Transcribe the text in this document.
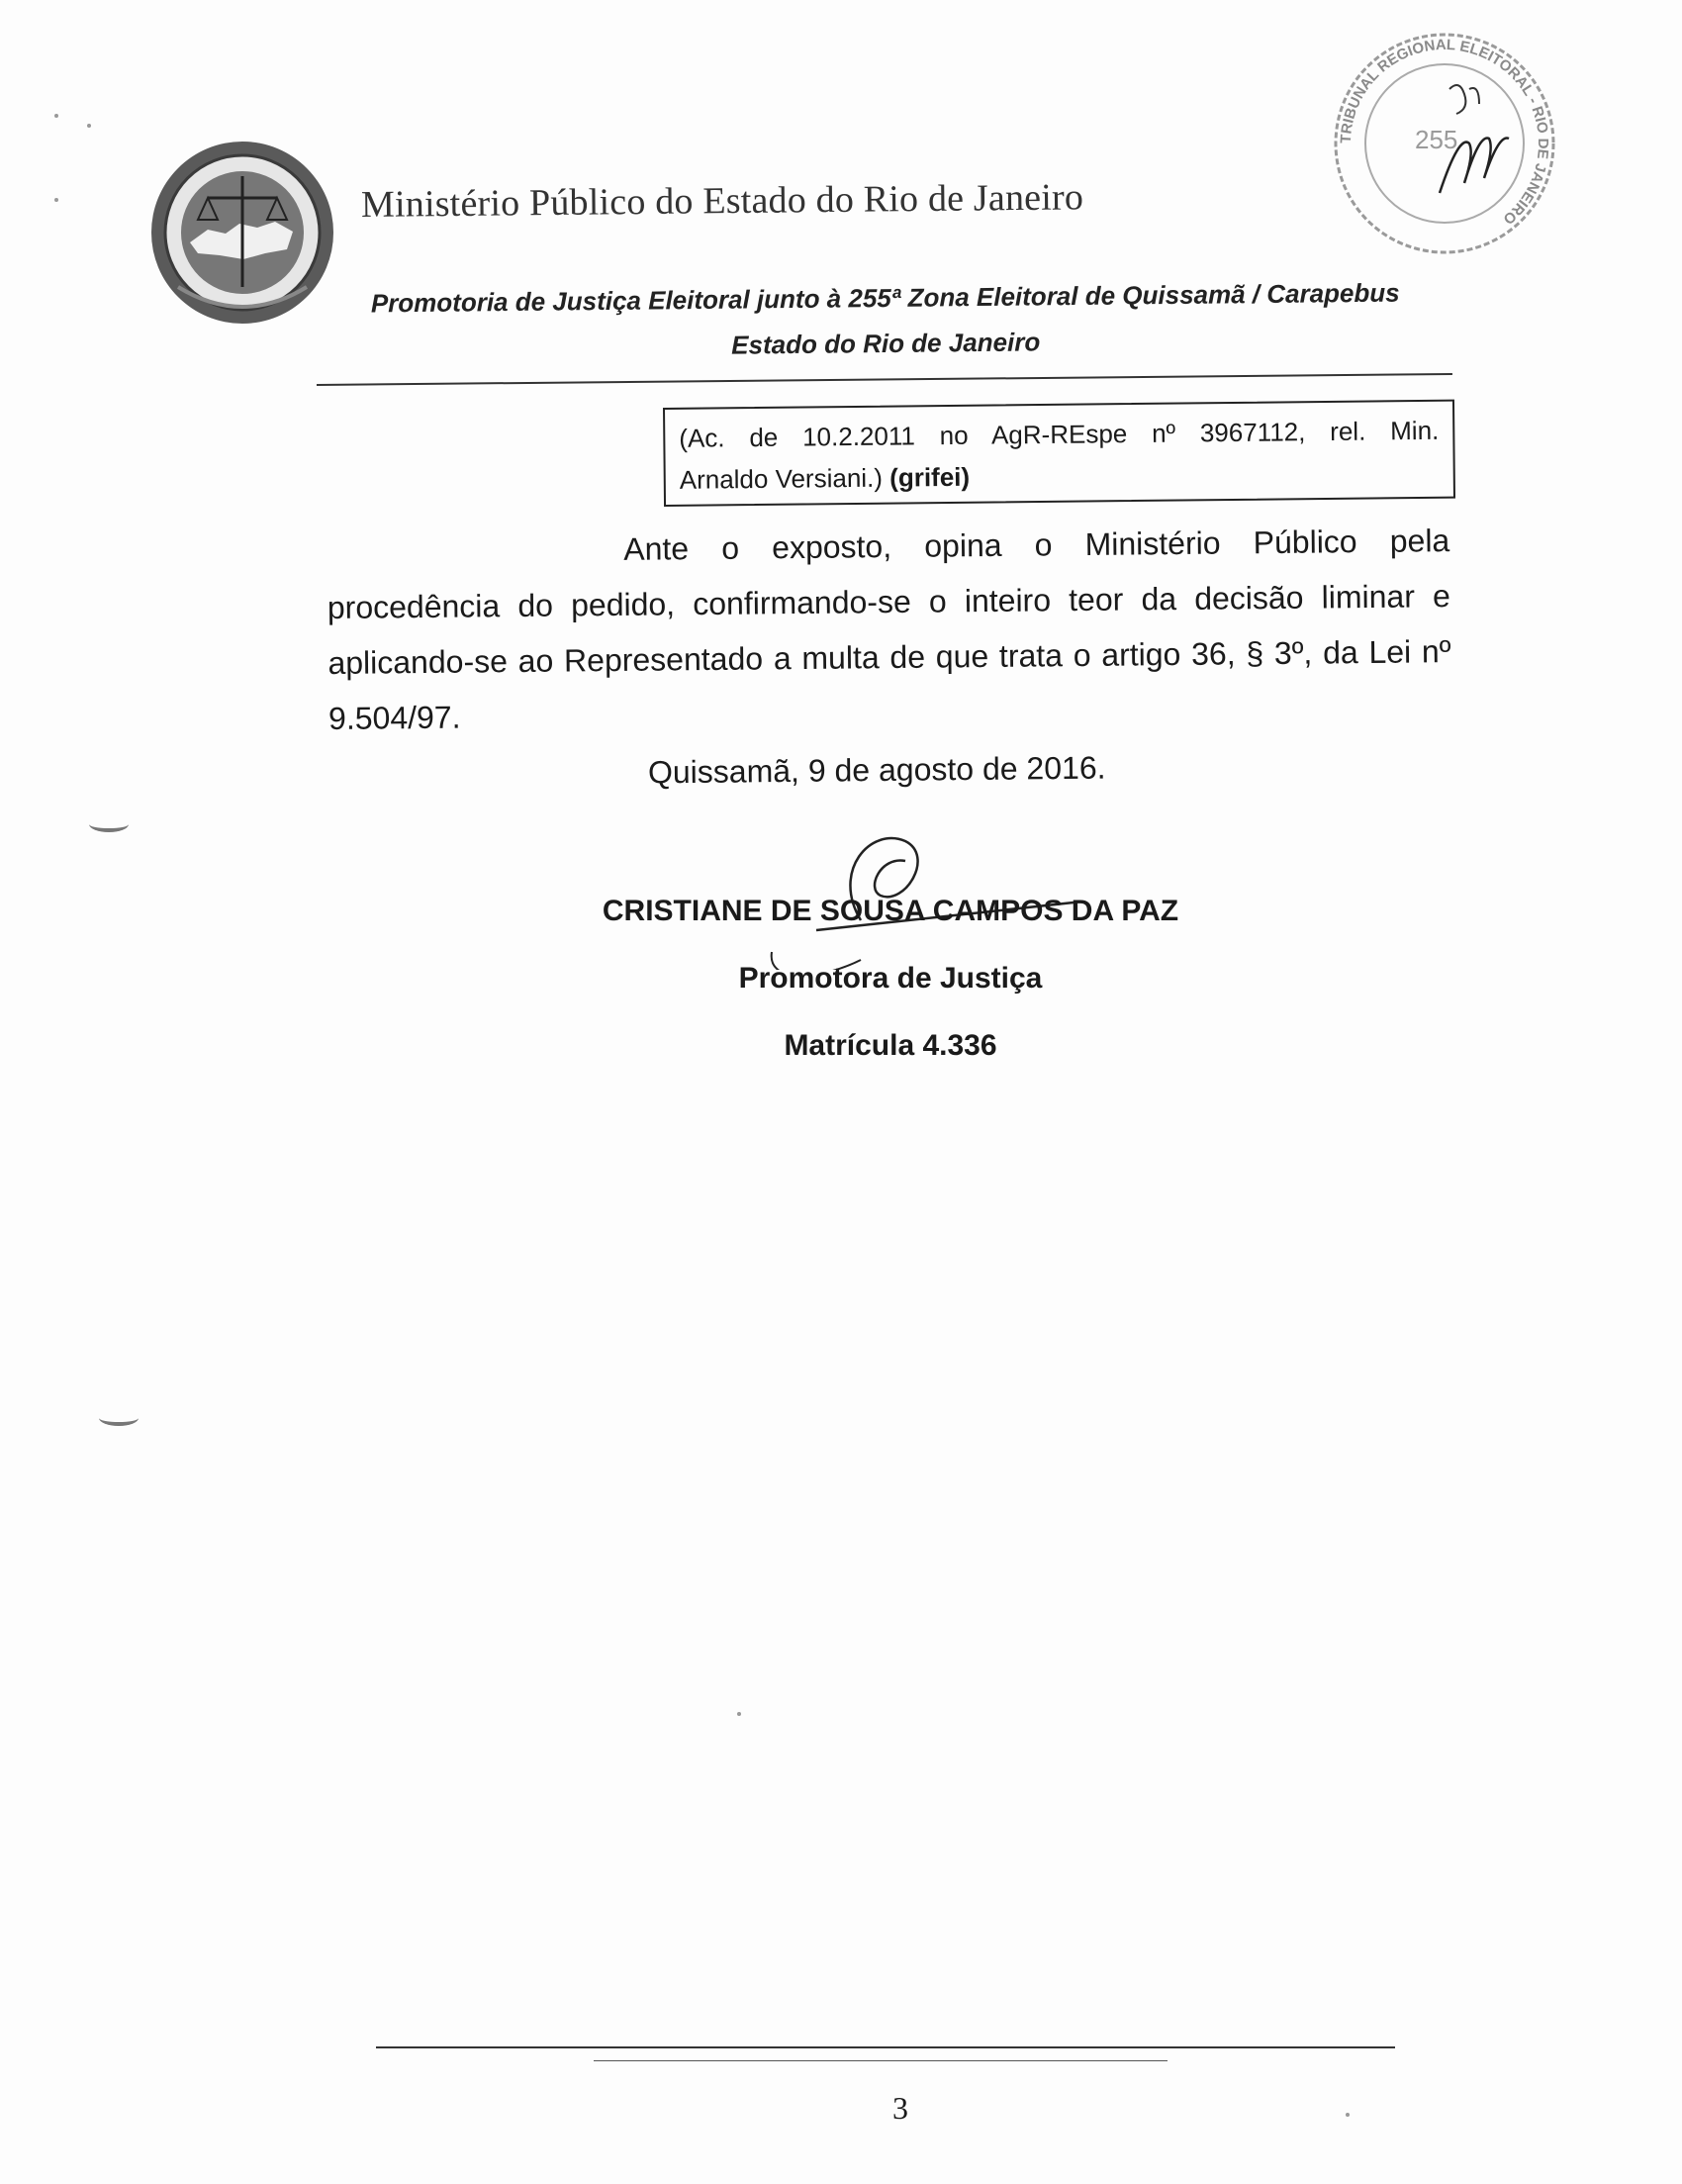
Ministério Público do Estado do Rio de Janeiro
TRIBUNAL REGIONAL ELEITORAL - RIO DE JANEIRO
255
Promotoria de Justiça Eleitoral junto à 255ª Zona Eleitoral de Quissamã / Carapebus
Estado do Rio de Janeiro
(Ac. de 10.2.2011 no AgR-REspe nº 3967112, rel. Min.
Arnaldo Versiani.) (grifei)

Ante o exposto, opina o Ministério Público pela procedência do pedido, confirmando-se o inteiro teor da decisão liminar e aplicando-se ao Representado a multa de que trata o artigo 36, § 3º, da Lei nº 9.504/97.

Quissamã, 9 de agosto de 2016.
CRISTIANE DE SOUSA CAMPOS DA PAZ
Promotora de Justiça
Matrícula 4.336
3
